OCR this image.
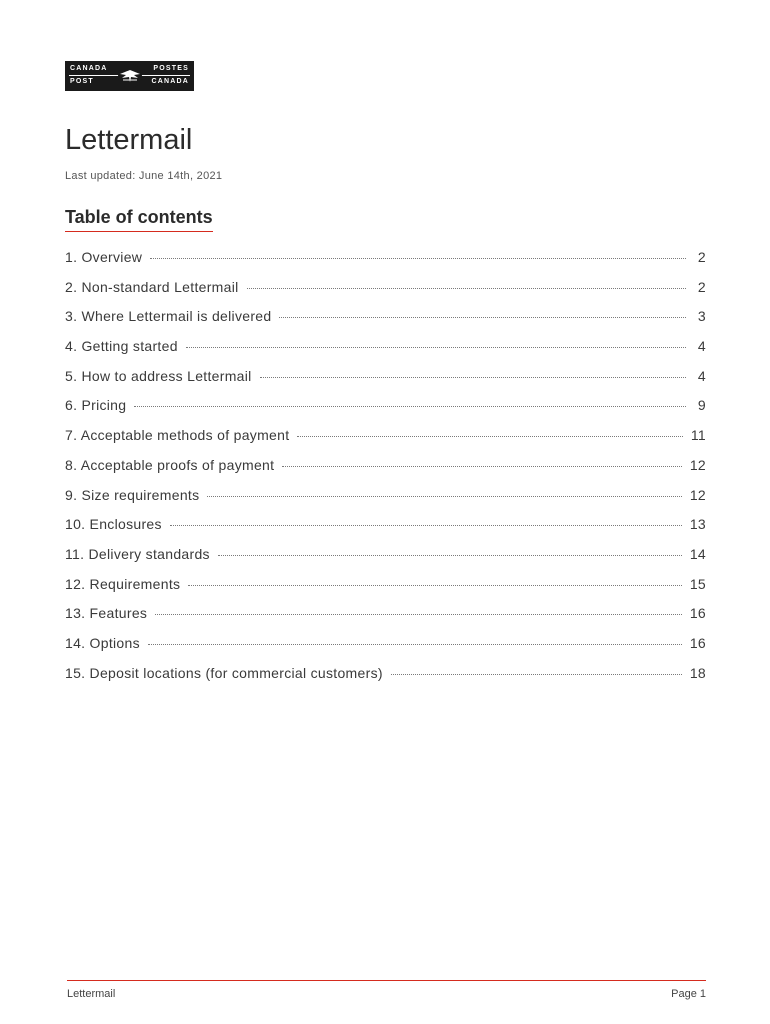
CANADA
POST
POSTES
CANADA
Lettermail
Last updated: June 14th, 2021
Table of contents
1. Overview	2
2. Non-standard Lettermail	2
3. Where Lettermail is delivered	3
4. Getting started	4
5. How to address Lettermail	4
6. Pricing	9
7. Acceptable methods of payment	11
8. Acceptable proofs of payment	12
9. Size requirements	12
10. Enclosures	13
11. Delivery standards	14
12. Requirements	15
13. Features	16
14. Options	16
15. Deposit locations (for commercial customers)	18
Lettermail	Page 1
